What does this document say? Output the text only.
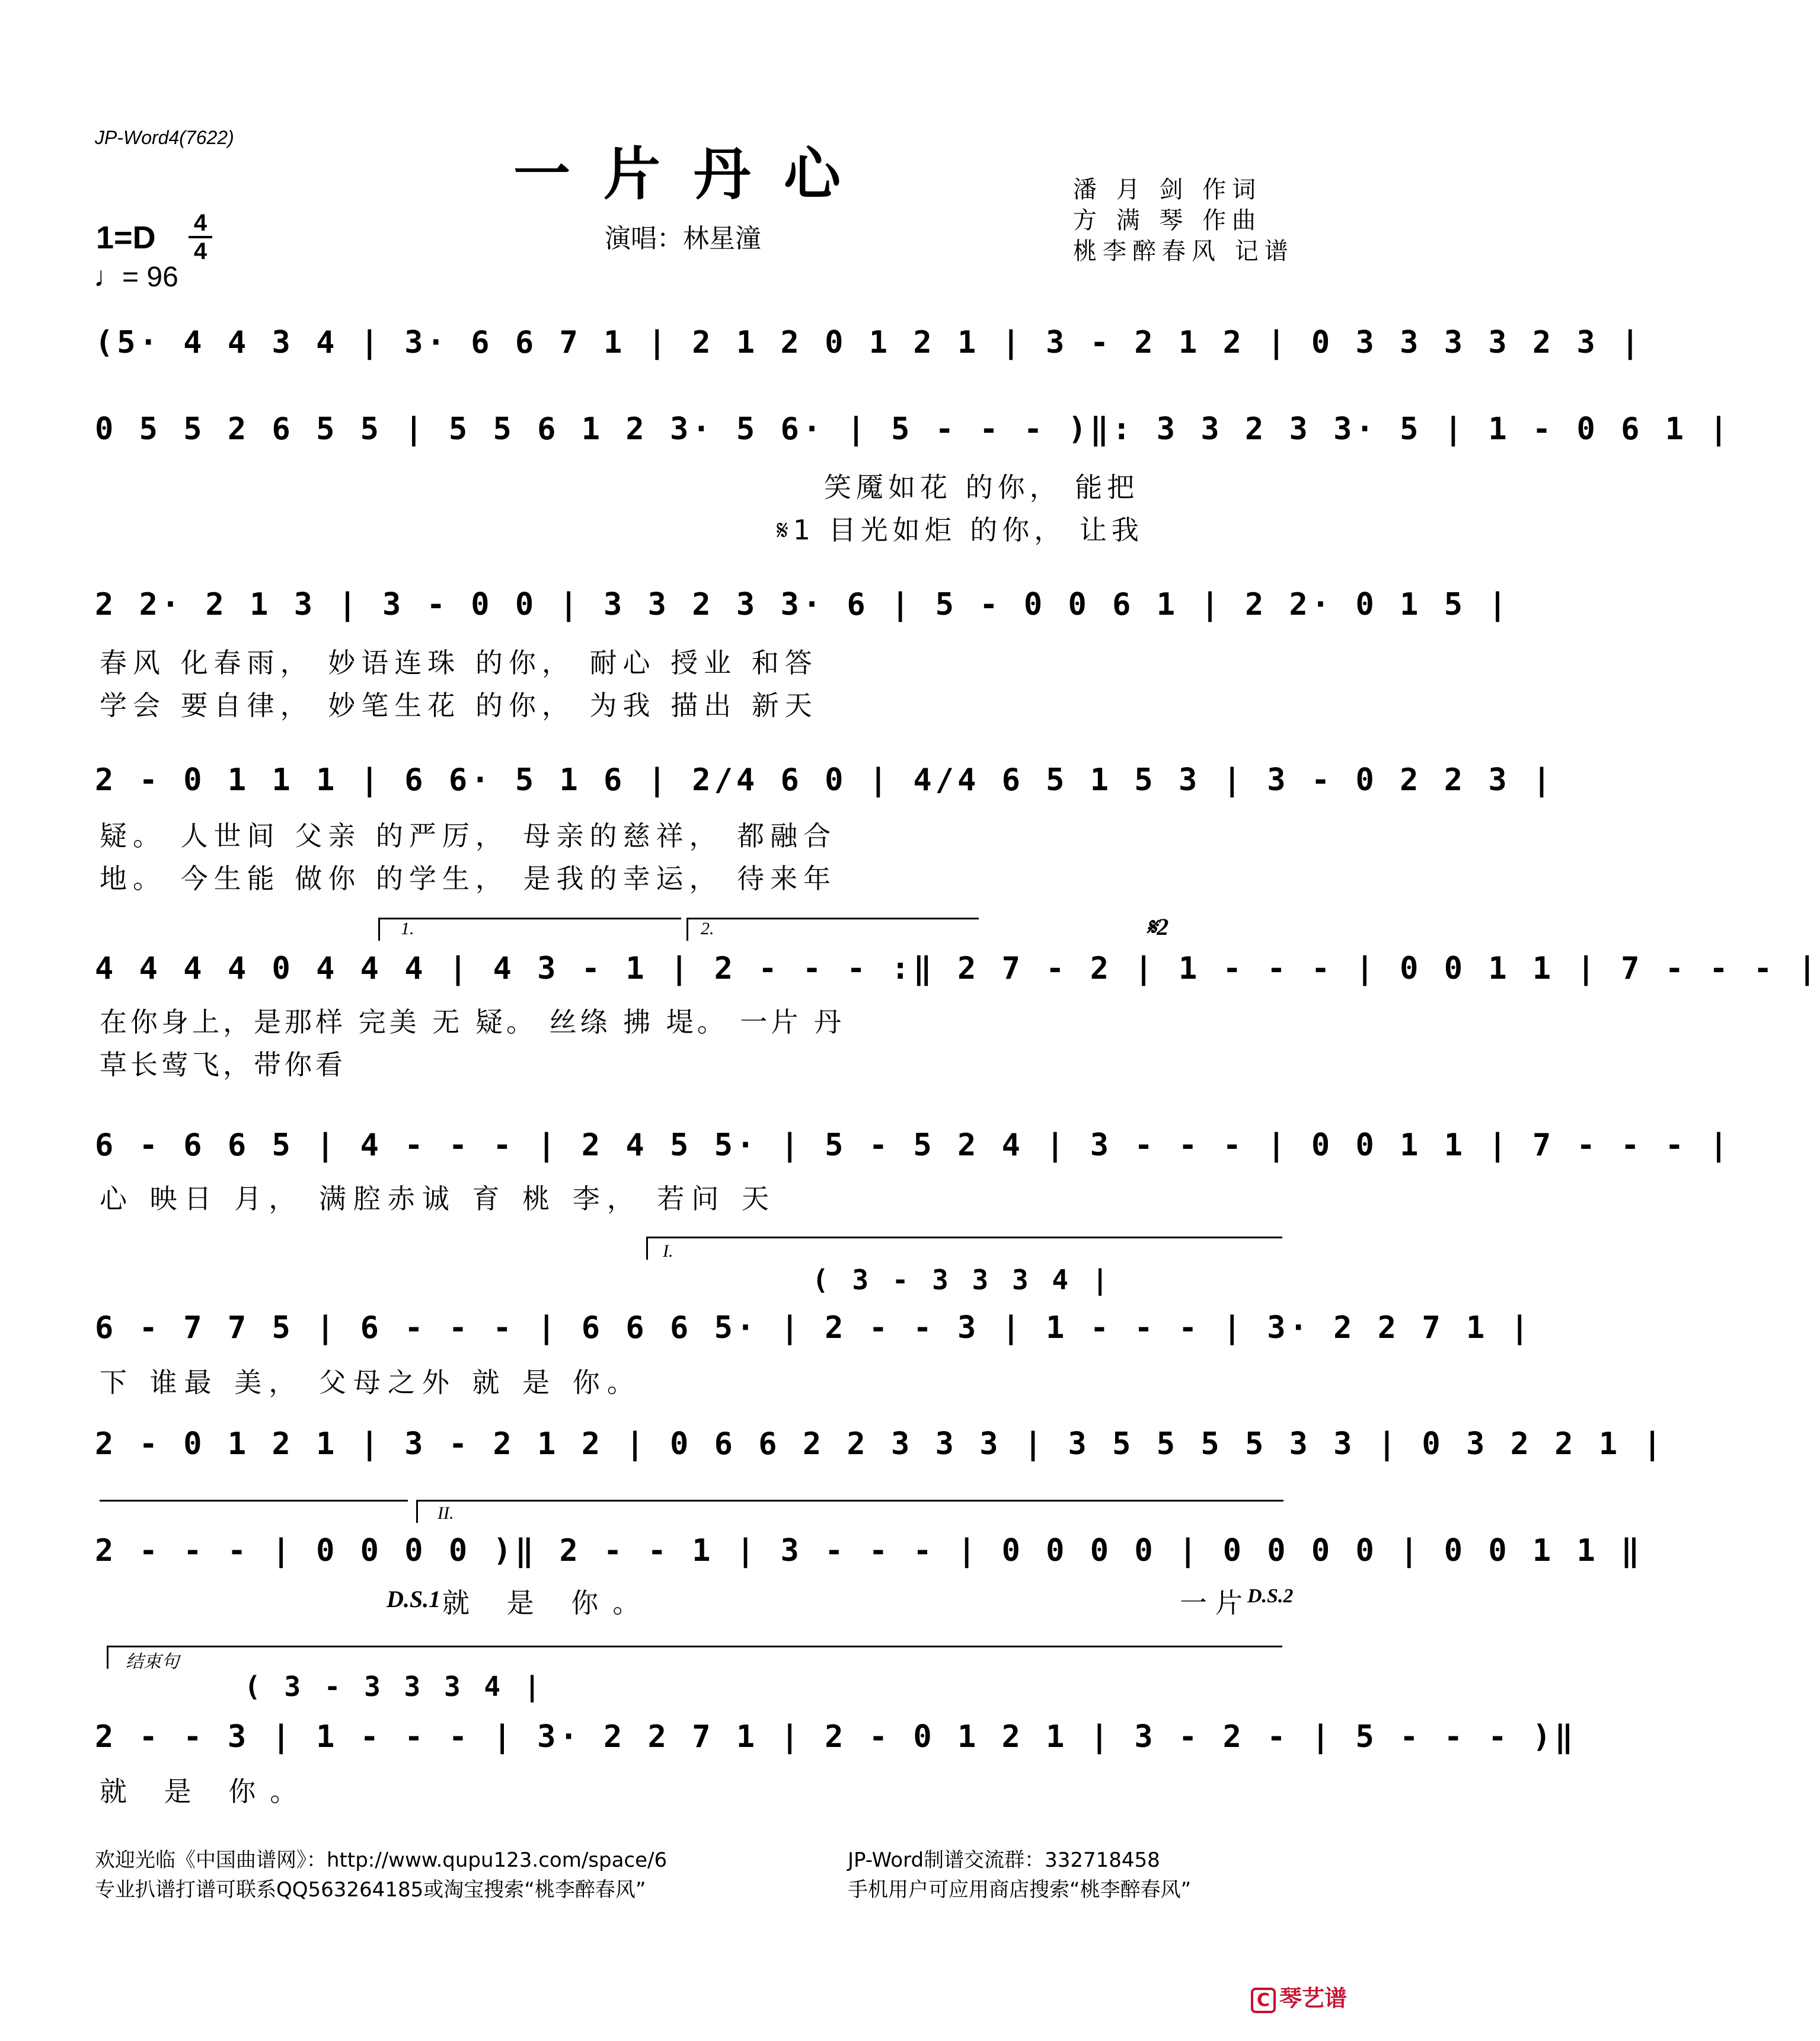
JP-Word4(7622)
一片丹心
演唱：林星潼
潘 月 剑 作词
方 满 琴 作曲
桃李醉春风 记谱
1=D 4
4
♩= 96
(5· 4 4 3 4 | 3· 6 6 7 1 | 2 1 2 0 1 2 1 | 3 - 2 1 2 | 0 3 3 3 3 2 3 |
0 5 5 2 6 5 5 | 5 5 6 1 2 3· 5 6· | 5 - - - )‖: 3 3 2 3 3· 5 | 1 - 0 6 1 |
笑魇如花 的你， 能把
𝄋1 目光如炬 的你， 让我
2 2· 2 1 3 | 3 - 0 0 | 3 3 2 3 3· 6 | 5 - 0 0 6 1 | 2 2· 0 1 5 |
春风 化春雨， 妙语连珠 的你， 耐心 授业 和答
学会 要自律， 妙笔生花 的你， 为我 描出 新天
2 - 0 1 1 1 | 6 6· 5 1 6 | 2/4 6 0 | 4/4 6 5 1 5 3 | 3 - 0 2 2 3 |
疑。 人世间 父亲 的严厉， 母亲的慈祥， 都融合
地。 今生能 做你 的学生， 是我的幸运， 待来年
1.	2.	𝄋2
4 4 4 4 0 4 4 4 | 4 3 - 1 | 2 - - - :‖ 2 7 - 2 | 1 - - - | 0 0 1 1 | 7 - - - |
在你身上，是那样 完美 无 疑。 丝绦 拂 堤。 一片 丹
草长莺飞，带你看
6 - 6 6 5 | 4 - - - | 2 4 5 5· | 5 - 5 2 4 | 3 - - - | 0 0 1 1 | 7 - - - |
心 映日 月， 满腔赤诚 育 桃 李， 若问 天
I.
( 3 - 3 3 3 4 |
6 - 7 7 5 | 6 - - - | 6 6 6 5· | 2 - - 3 | 1 - - - | 3· 2 2 7 1 |
下 谁最 美， 父母之外 就 是 你。
2 - 0 1 2 1 | 3 - 2 1 2 | 0 6 6 2 2 3 3 3 | 3 5 5 5 5 3 3 | 0 3 2 2 1 |
II.
2 - - - | 0 0 0 0 )‖ 2 - - 1 | 3 - - - | 0 0 0 0 | 0 0 0 0 | 0 0 1 1 ‖
D.S.1 就 是 你。	一片
D.S.2
结束句
( 3 - 3 3 3 4 |
2 - - 3 | 1 - - - | 3· 2 2 7 1 | 2 - 0 1 2 1 | 3 - 2 - | 5 - - - )‖
就 是 你。
欢迎光临《中国曲谱网》：http://www.qupu123.com/space/6
专业扒谱打谱可联系QQ563264185或淘宝搜索“桃李醉春风”
JP-Word制谱交流群：332718458
手机用户可应用商店搜索“桃李醉春风”
C 琴艺谱
